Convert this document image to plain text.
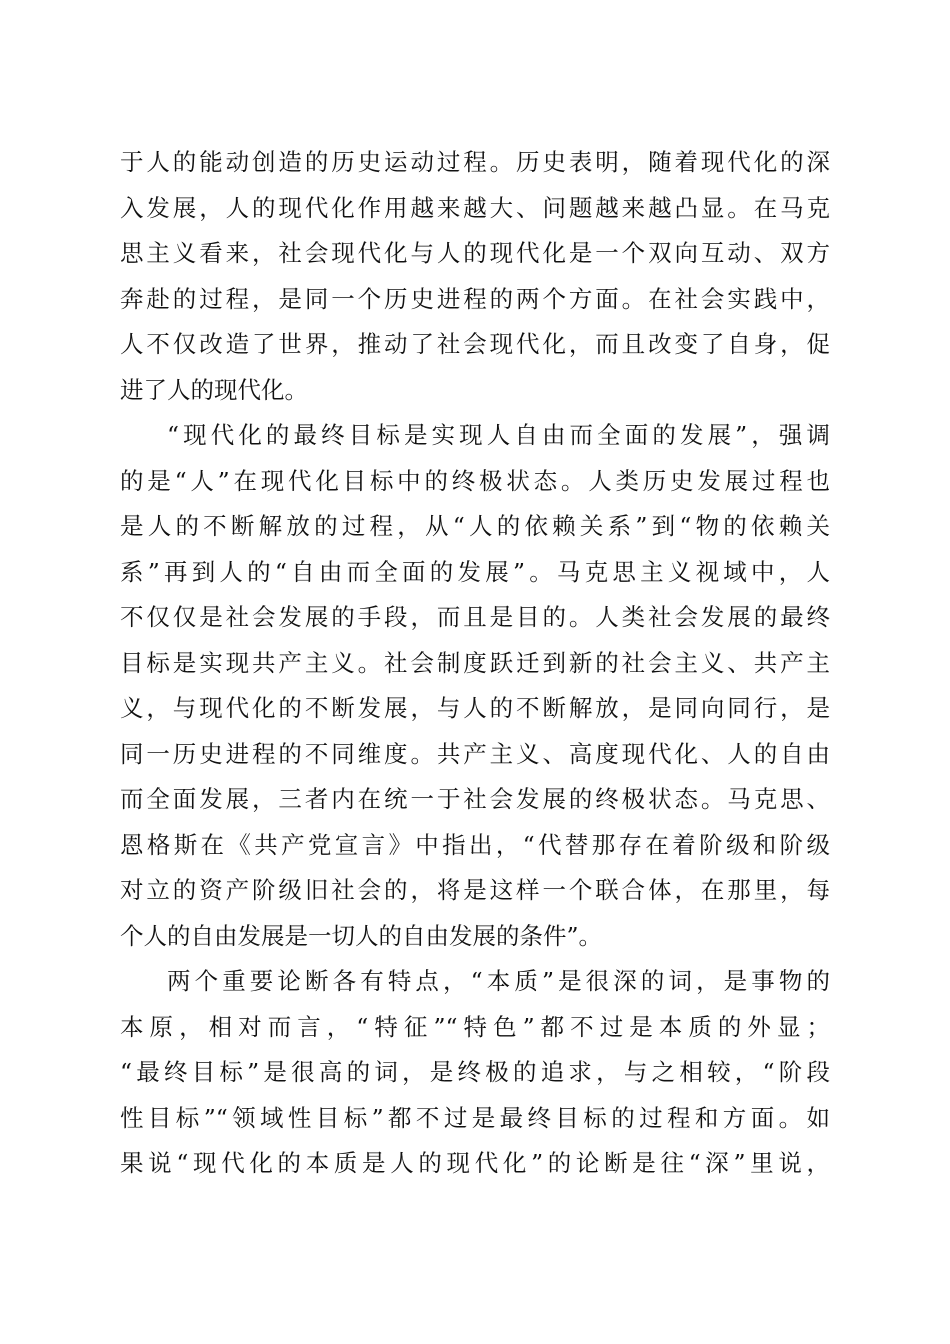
于人的能动创造的历史运动过程。历史表明，随着现代化的深
入发展，人的现代化作用越来越大、问题越来越凸显。在马克
思主义看来，社会现代化与人的现代化是一个双向互动、双方
奔赴的过程，是同一个历史进程的两个方面。在社会实践中，
人不仅改造了世界，推动了社会现代化，而且改变了自身，促
进了人的现代化。
“现代化的最终目标是实现人自由而全面的发展”，强调
的是“人”在现代化目标中的终极状态。人类历史发展过程也
是人的不断解放的过程，从“人的依赖关系”到“物的依赖关
系”再到人的“自由而全面的发展”。马克思主义视域中，人
不仅仅是社会发展的手段，而且是目的。人类社会发展的最终
目标是实现共产主义。社会制度跃迁到新的社会主义、共产主
义，与现代化的不断发展，与人的不断解放，是同向同行，是
同一历史进程的不同维度。共产主义、高度现代化、人的自由
而全面发展，三者内在统一于社会发展的终极状态。马克思、
恩格斯在《共产党宣言》中指出，“代替那存在着阶级和阶级
对立的资产阶级旧社会的，将是这样一个联合体，在那里，每
个人的自由发展是一切人的自由发展的条件”。
两个重要论断各有特点，“本质”是很深的词，是事物的
本原，相对而言，“特征”“特色”都不过是本质的外显；
“最终目标”是很高的词，是终极的追求，与之相较，“阶段
性目标”“领域性目标”都不过是最终目标的过程和方面。如
果说“现代化的本质是人的现代化”的论断是往“深”里说，
